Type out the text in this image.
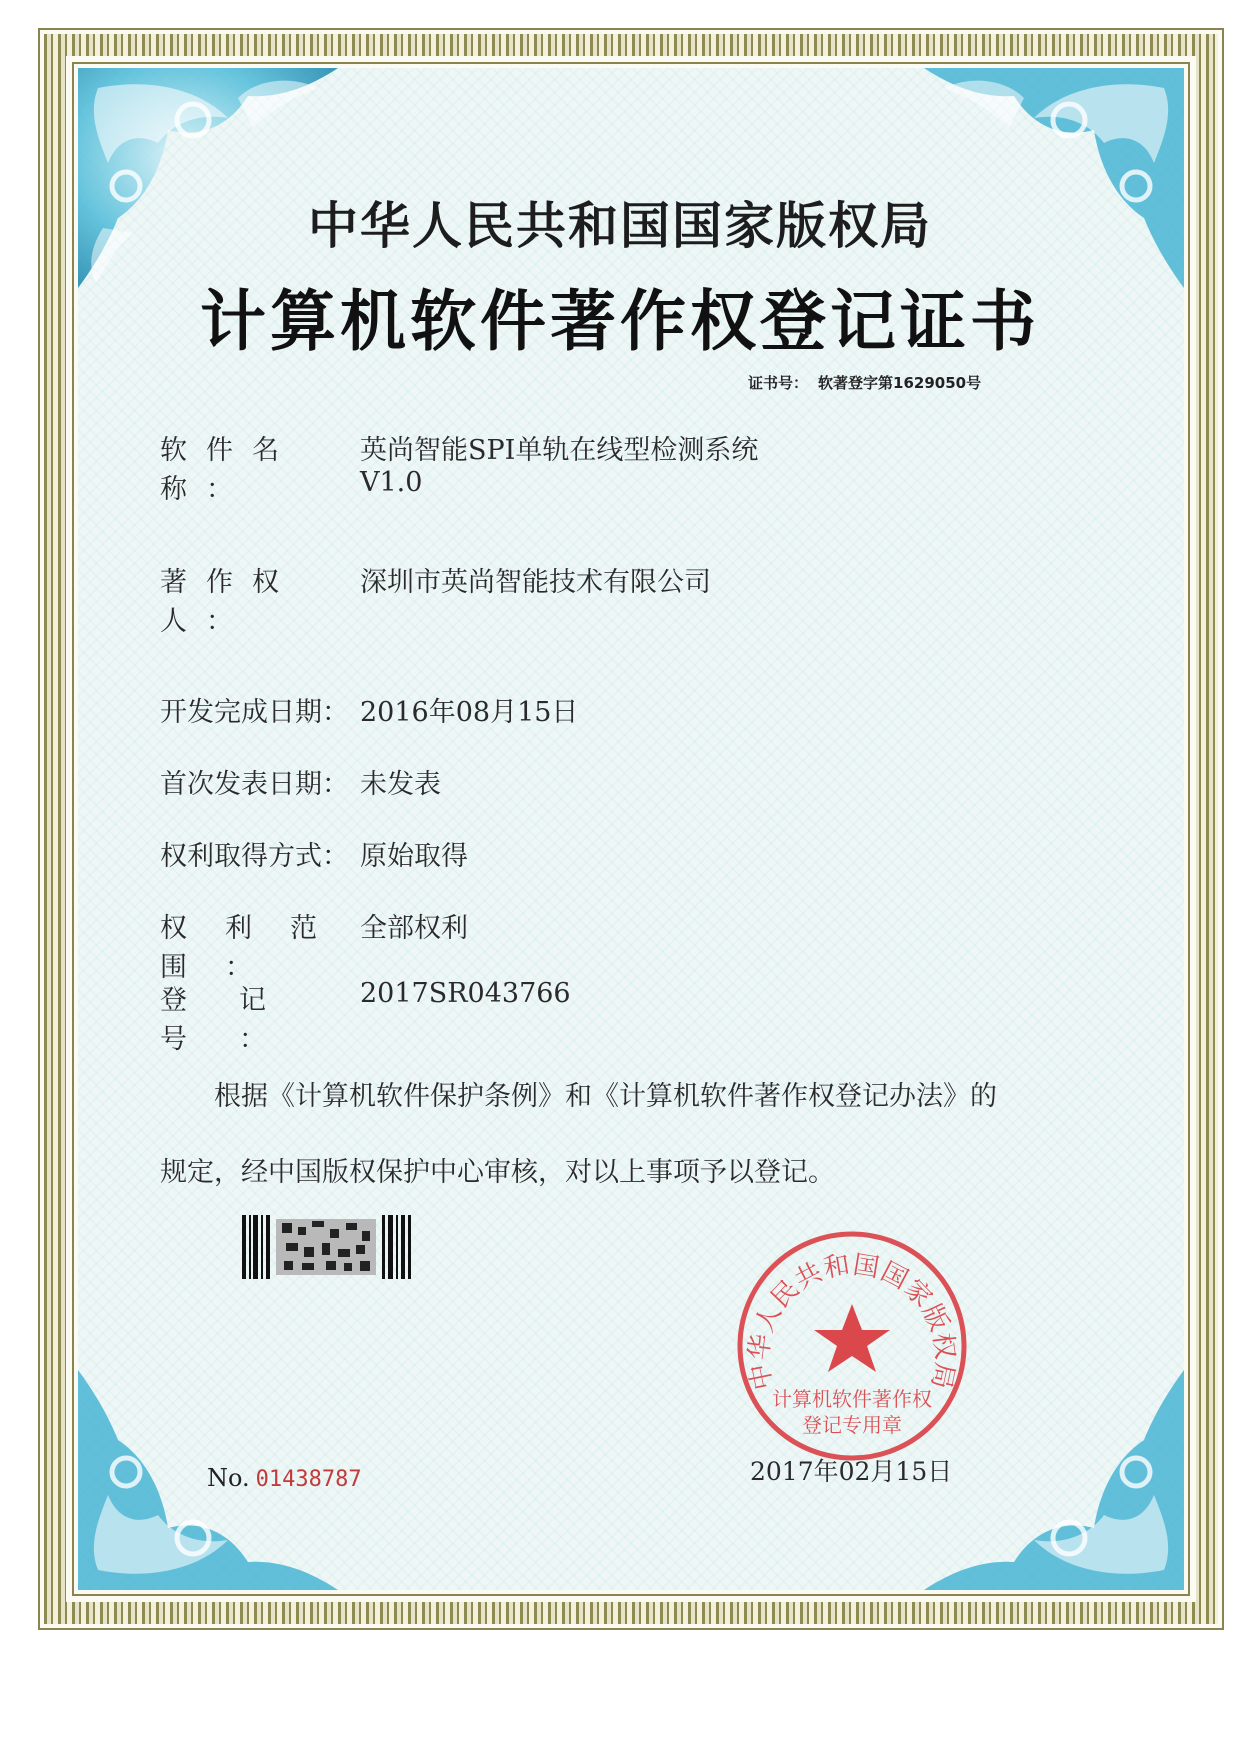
中华人民共和国国家版权局
计算机软件著作权登记证书
证书号： 软著登字第1629050号
软件名称：英尚智能SPI单轨在线型检测系统
V1.0
著作权人：深圳市英尚智能技术有限公司
开发完成日期： 2016年08月15日
首次发表日期： 未发表
权利取得方式： 原始取得
权利范围：全部权利
登记号：2017SR043766
根据《计算机软件保护条例》和《计算机软件著作权登记办法》的
规定，经中国版权保护中心审核，对以上事项予以登记。
No. 01438787
中华人民共和国国家版权局
计算机软件著作权
登记专用章
2017年02月15日
